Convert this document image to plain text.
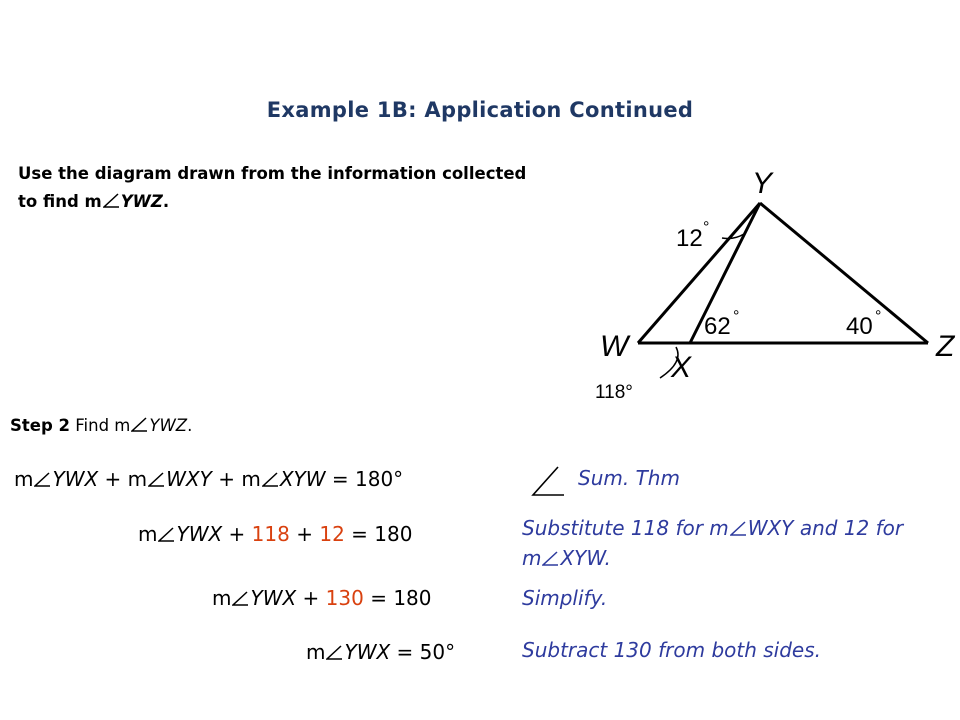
Example 1B: Application Continued
Use the diagram drawn from the information collected
to find m YWZ.
Y
W	Z
X
12 °
62 °	40 °
118°
Step 2 Find m YWZ.
m YWX + m WXY + m XYW = 180°	Sum. Thm
m YWX + 118 + 12 = 180	Substitute 118 for m WXY and 12 for
m XYW.
m YWX + 130 = 180	Simplify.
m YWX = 50°	Subtract 130 from both sides.
